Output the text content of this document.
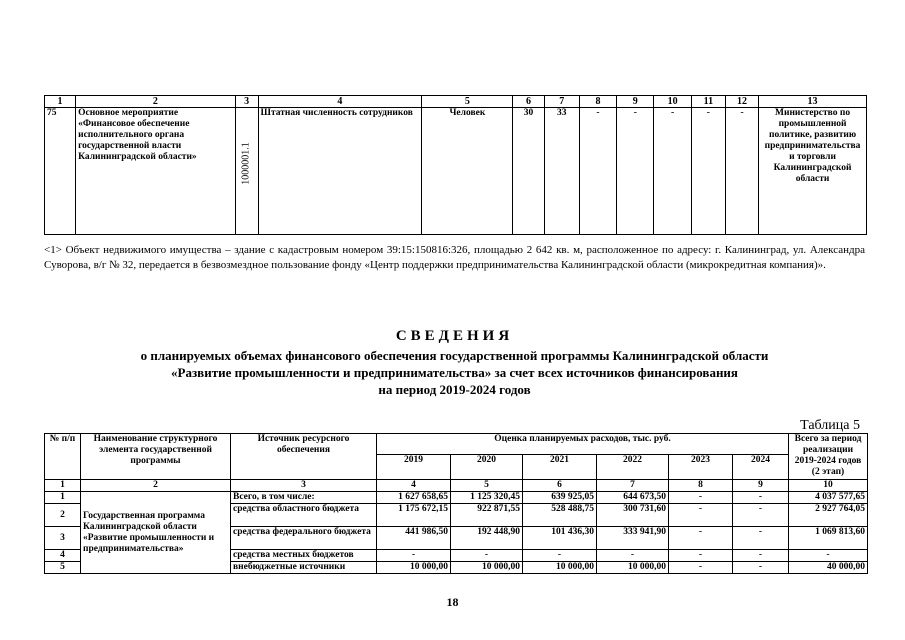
1	2	3	4	5	6	7	8	9	10	11	12	13
75	Основное мероприятие «Финансовое обеспечение исполнительного органа государственной власти Калининградской области»	1000001.1	Штатная численность сотрудников	Человек	30	33	-	-	-	-	-	Министерство по промышленной политике, развитию предпринимательства и торговли Калининградской области
<1> Объект недвижимого имущества – здание с кадастровым номером 39:15:150816:326, площадью 2 642 кв. м, расположенное по адресу: г. Калининград, ул. Александра Суворова, в/г № 32, передается в безвозмездное пользование фонду «Центр поддержки предпринимательства Калининградской области (микрокредитная компания)».
СВЕДЕНИЯ
о планируемых объемах финансового обеспечения государственной программы Калининградской области
«Развитие промышленности и предпринимательства» за счет всех источников финансирования
на период 2019-2024 годов
Таблица 5
№ п/п	Наименование структурного элемента государственной программы	Источник ресурсного обеспечения	Оценка планируемых расходов, тыс. руб.						Всего за период реализации 2019-2024 годов (2 этап)
			2019	2020	2021	2022	2023	2024	
1	2	3	4	5	6	7	8	9	10
1	Государственная программа Калининградской области «Развитие промышленности и предпринимательства»	Всего, в том числе:	1 627 658,65	1 125 320,45	639 925,05	644 673,50	-	-	4 037 577,65
2		средства областного бюджета	1 175 672,15	922 871,55	528 488,75	300 731,60	-	-	2 927 764,05
3		средства федерального бюджета	441 986,50	192 448,90	101 436,30	333 941,90	-	-	1 069 813,60
4		средства местных бюджетов	-	-	-	-	-	-	-
5		внебюджетные источники	10 000,00	10 000,00	10 000,00	10 000,00	-	-	40 000,00
18
